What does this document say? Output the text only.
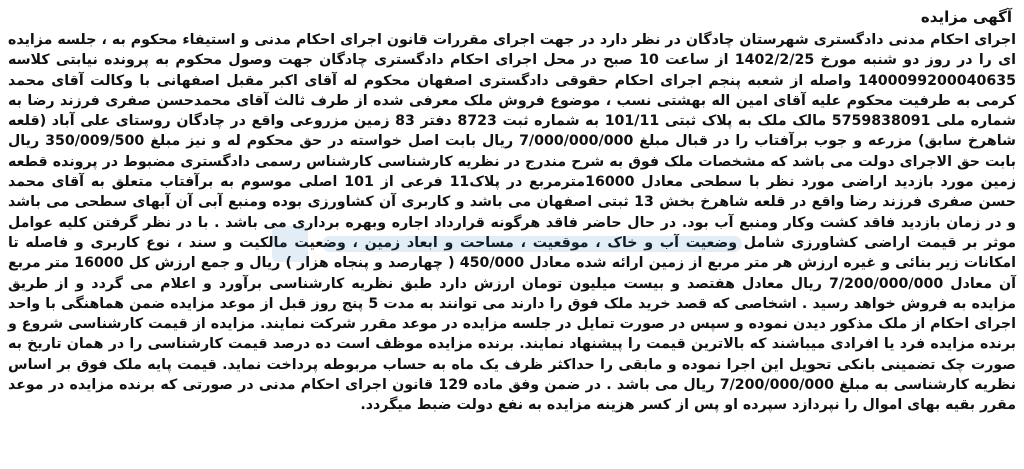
آگهی مزایده

اجرای احکام مدنی دادگستری شهرستان چادگان در نظر دارد در جهت اجرای مقررات قانون اجرای احکام مدنی و استیفاء محکوم به ، جلسه مزایده ای را در روز دو شنبه مورخ 1402/2/25 از ساعت 10 صبح در محل اجرای احکام دادگستری چادگان جهت وصول محکوم به پرونده نیابتی کلاسه 1400099200040635 واصله از شعبه پنجم اجرای احکام حقوقی دادگستری اصفهان محکوم له آقای اکبر مقبل اصفهانی با وکالت آقای محمد کرمی به طرفیت محکوم علیه آقای امین اله بهشتی نسب ، موضوع فروش ملک معرفی شده از طرف ثالث آقای محمدحسن صفری فرزند رضا به شماره ملی 5759838091 مالک ملک به پلاک ثبتی 101/11 به شماره ثبت 8723 دفتر 83 زمین مزروعی واقع در چادگان روستای علی آباد (قلعه شاهرخ سابق) مزرعه و جوب برآفتاب را در قبال مبلغ 7/000/000/000 ریال بابت اصل خواسته در حق محکوم له و نیز مبلغ 350/009/500 ریال بابت حق الاجرای دولت می باشد که مشخصات ملک فوق به شرح مندرج در نظریه کارشناسی کارشناس رسمی دادگستری مضبوط در پرونده قطعه زمین مورد بازدید اراضی مورد نظر با سطحی معادل 16000مترمربع در پلاک11 فرعی از 101 اصلی موسوم به برآفتاب متعلق به آقای محمد حسن صفری فرزند رضا واقع در قلعه شاهرخ بخش 13 ثبتی اصفهان می باشد و کاربری آن کشاورزی بوده ومنبع آبی آن آبهای سطحی می باشد و در زمان بازدید فاقد کشت وکار ومنبع آب بود. در حال حاضر فاقد هرگونه قرارداد اجاره وبهره برداری می باشد . با در نظر گرفتن کلیه عوامل موثر بر قیمت اراضی کشاورزی شامل وضعیت آب و خاک ، موقعیت ، مساحت و ابعاد زمین ، وضعیت مالکیت و سند ، نوع کاربری و فاصله تا امکانات زیر بنائی و غیره ارزش هر متر مربع از زمین ارائه شده معادل 450/000 ( چهارصد و پنجاه هزار ) ریال و جمع ارزش کل 16000 متر مربع آن معادل 7/200/000/000 ریال معادل هفتصد و بیست میلیون تومان ارزش دارد طبق نظریه کارشناسی برآورد و اعلام می گردد و از طریق مزایده به فروش خواهد رسید . اشخاصی که قصد خرید ملک فوق را دارند می توانند به مدت 5 پنج روز قبل از موعد مزایده ضمن هماهنگی با واحد اجرای احکام از ملک مذکور دیدن نموده و سپس در صورت تمایل در جلسه مزایده در موعد مقرر شرکت نمایند. مزایده از قیمت کارشناسی شروع و برنده مزایده فرد یا افرادی میباشند که بالاترین قیمت را پیشنهاد نمایند. برنده مزایده موظف است ده درصد قیمت کارشناسی را در همان تاریخ به صورت چک تضمینی بانکی تحویل این اجرا نموده و مابقی را حداکثر ظرف یک ماه به حساب مربوطه پرداخت نماید. قیمت پایه ملک فوق بر اساس نظریه کارشناسی به مبلغ 7/200/000/000 ریال می باشد . در ضمن وفق ماده 129 قانون اجرای احکام مدنی در صورتی که برنده مزایده در موعد مقرر بقیه بهای اموال را نپردازد سپرده او پس از کسر هزینه مزایده به نفع دولت ضبط میگردد.
